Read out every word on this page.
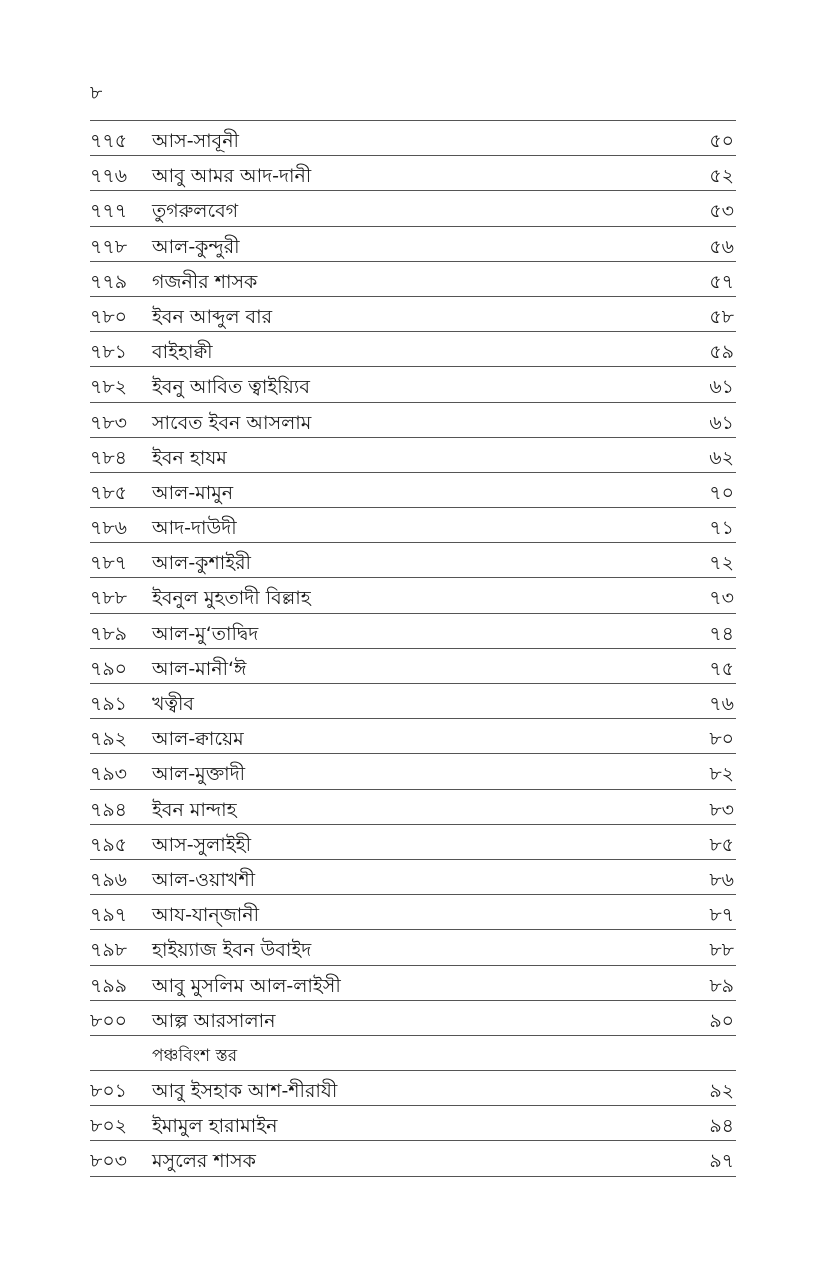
৮
৭৭৫	আস-সাবূনী	৫০
৭৭৬	আবু আমর আদ-দানী	৫২
৭৭৭	তুগরুলবেগ	৫৩
৭৭৮	আল-কুন্দুরী	৫৬
৭৭৯	গজনীর শাসক	৫৭
৭৮০	ইবন আব্দুল বার	৫৮
৭৮১	বাইহাক্বী	৫৯
৭৮২	ইবনু আবিত ত্বাইয়্যিব	৬১
৭৮৩	সাবেত ইবন আসলাম	৬১
৭৮৪	ইবন হাযম	৬২
৭৮৫	আল-মামুন	৭০
৭৮৬	আদ-দাউদী	৭১
৭৮৭	আল-কুশাইরী	৭২
৭৮৮	ইবনুল মুহতাদী বিল্লাহ	৭৩
৭৮৯	আল-মু‘তাদ্বিদ	৭৪
৭৯০	আল-মানী‘ঈ	৭৫
৭৯১	খত্বীব	৭৬
৭৯২	আল-ক্বায়েম	৮০
৭৯৩	আল-মুক্তাদী	৮২
৭৯৪	ইবন মান্দাহ	৮৩
৭৯৫	আস-সুলাইহী	৮৫
৭৯৬	আল-ওয়াখশী	৮৬
৭৯৭	আয-যান্‌জানী	৮৭
৭৯৮	হাইয়্যাজ ইবন উবাইদ	৮৮
৭৯৯	আবু মুসলিম আল-লাইসী	৮৯
৮০০	আল্প আরসালান	৯০
পঞ্চবিংশ স্তর
৮০১	আবু ইসহাক আশ-শীরাযী	৯২
৮০২	ইমামুল হারামাইন	৯৪
৮০৩	মসুলের শাসক	৯৭
